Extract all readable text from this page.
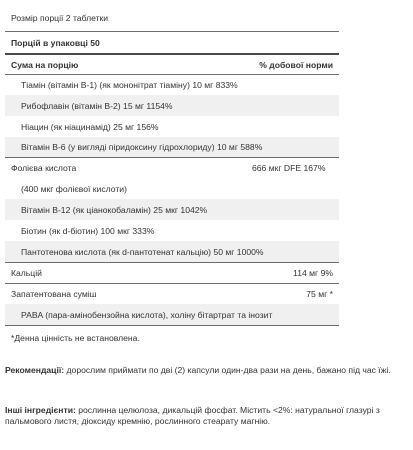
Розмір порції 2 таблетки
Порцій в упаковці 50
Сума на порцію	% добової норми
Тіамін (вітамін В-1) (як мононітрат тіаміну) 10 мг 833%
Рибофлавін (вітамін В-2) 15 мг 1154%
Ніацин (як ніацинамід) 25 мг 156%
Вітамін В-6 (у вигляді піридоксину гідрохлориду) 10 мг 588%
Фолієва кислота	666 мкг DFE 167%
(400 мкг фолієвої кислоти)
Вітамін В-12 (як ціанокобаламін) 25 мкг 1042%
Біотин (як d-біотин) 100 мкг 333%
Пантотенова кислота (як d-пантотенат кальцію) 50 мг 1000%
Кальцій	114 мг 9%
Запатентована суміш	75 мг *
PABA (пара-амінобензойна кислота), холіну бітартрат та інозит
*Денна цінність не встановлена.
Рекомендації: дорослим приймати по дві (2) капсули один-два рази на день, бажано під час їжі.
Інші інгредієнти: рослинна целюлоза, дикальцій фосфат. Містить <2%: натуральної глазурі з пальмового листя, діоксиду кремнію, рослинного стеарату магнію.
